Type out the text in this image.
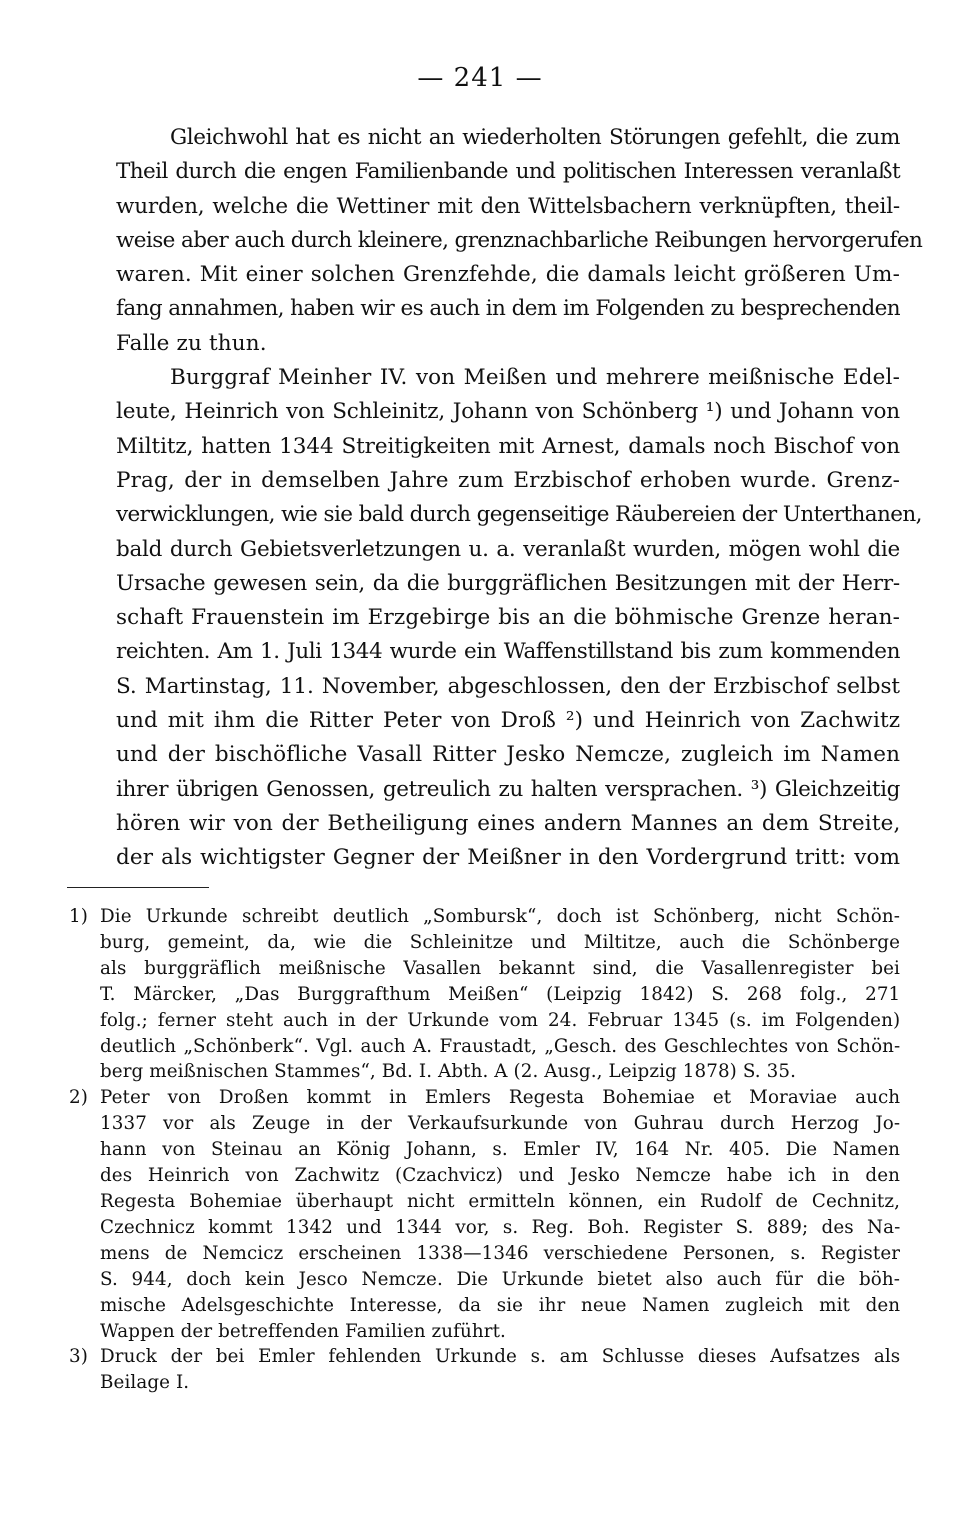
— 241 —

Gleichwohl hat es nicht an wiederholten Störungen gefehlt, die zum
Theil durch die engen Familienbande und politischen Interessen veranlaßt
wurden, welche die Wettiner mit den Wittelsbachern verknüpften, theil-
weise aber auch durch kleinere, grenznachbarliche Reibungen hervorgerufen
waren. Mit einer solchen Grenzfehde, die damals leicht größeren Um-
fang annahmen, haben wir es auch in dem im Folgenden zu besprechenden
Falle zu thun.

Burggraf Meinher IV. von Meißen und mehrere meißnische Edel-
leute, Heinrich von Schleinitz, Johann von Schönberg ¹) und Johann von
Miltitz, hatten 1344 Streitigkeiten mit Arnest, damals noch Bischof von
Prag, der in demselben Jahre zum Erzbischof erhoben wurde. Grenz-
verwicklungen, wie sie bald durch gegenseitige Räubereien der Unterthanen,
bald durch Gebietsverletzungen u. a. veranlaßt wurden, mögen wohl die
Ursache gewesen sein, da die burggräflichen Besitzungen mit der Herr-
schaft Frauenstein im Erzgebirge bis an die böhmische Grenze heran-
reichten. Am 1. Juli 1344 wurde ein Waffenstillstand bis zum kommenden
S. Martinstag, 11. November, abgeschlossen, den der Erzbischof selbst
und mit ihm die Ritter Peter von Droß ²) und Heinrich von Zachwitz
und der bischöfliche Vasall Ritter Jesko Nemcze, zugleich im Namen
ihrer übrigen Genossen, getreulich zu halten versprachen. ³) Gleichzeitig
hören wir von der Betheiligung eines andern Mannes an dem Streite,
der als wichtigster Gegner der Meißner in den Vordergrund tritt: vom

1) Die Urkunde schreibt deutlich „Sombursk“, doch ist Schönberg, nicht Schön-
burg, gemeint, da, wie die Schleinitze und Miltitze, auch die Schönberge
als burggräflich meißnische Vasallen bekannt sind, die Vasallenregister bei
T. Märcker, „Das Burggrafthum Meißen“ (Leipzig 1842) S. 268 folg., 271
folg.; ferner steht auch in der Urkunde vom 24. Februar 1345 (s. im Folgenden)
deutlich „Schönberk“. Vgl. auch A. Fraustadt, „Gesch. des Geschlechtes von Schön-
berg meißnischen Stammes“, Bd. I. Abth. A (2. Ausg., Leipzig 1878) S. 35.
2) Peter von Droßen kommt in Emlers Regesta Bohemiae et Moraviae auch
1337 vor als Zeuge in der Verkaufsurkunde von Guhrau durch Herzog Jo-
hann von Steinau an König Johann, s. Emler IV, 164 Nr. 405. Die Namen
des Heinrich von Zachwitz (Czachvicz) und Jesko Nemcze habe ich in den
Regesta Bohemiae überhaupt nicht ermitteln können, ein Rudolf de Cechnitz,
Czechnicz kommt 1342 und 1344 vor, s. Reg. Boh. Register S. 889; des Na-
mens de Nemcicz erscheinen 1338—1346 verschiedene Personen, s. Register
S. 944, doch kein Jesco Nemcze. Die Urkunde bietet also auch für die böh-
mische Adelsgeschichte Interesse, da sie ihr neue Namen zugleich mit den
Wappen der betreffenden Familien zuführt.
3) Druck der bei Emler fehlenden Urkunde s. am Schlusse dieses Aufsatzes als
Beilage I.
